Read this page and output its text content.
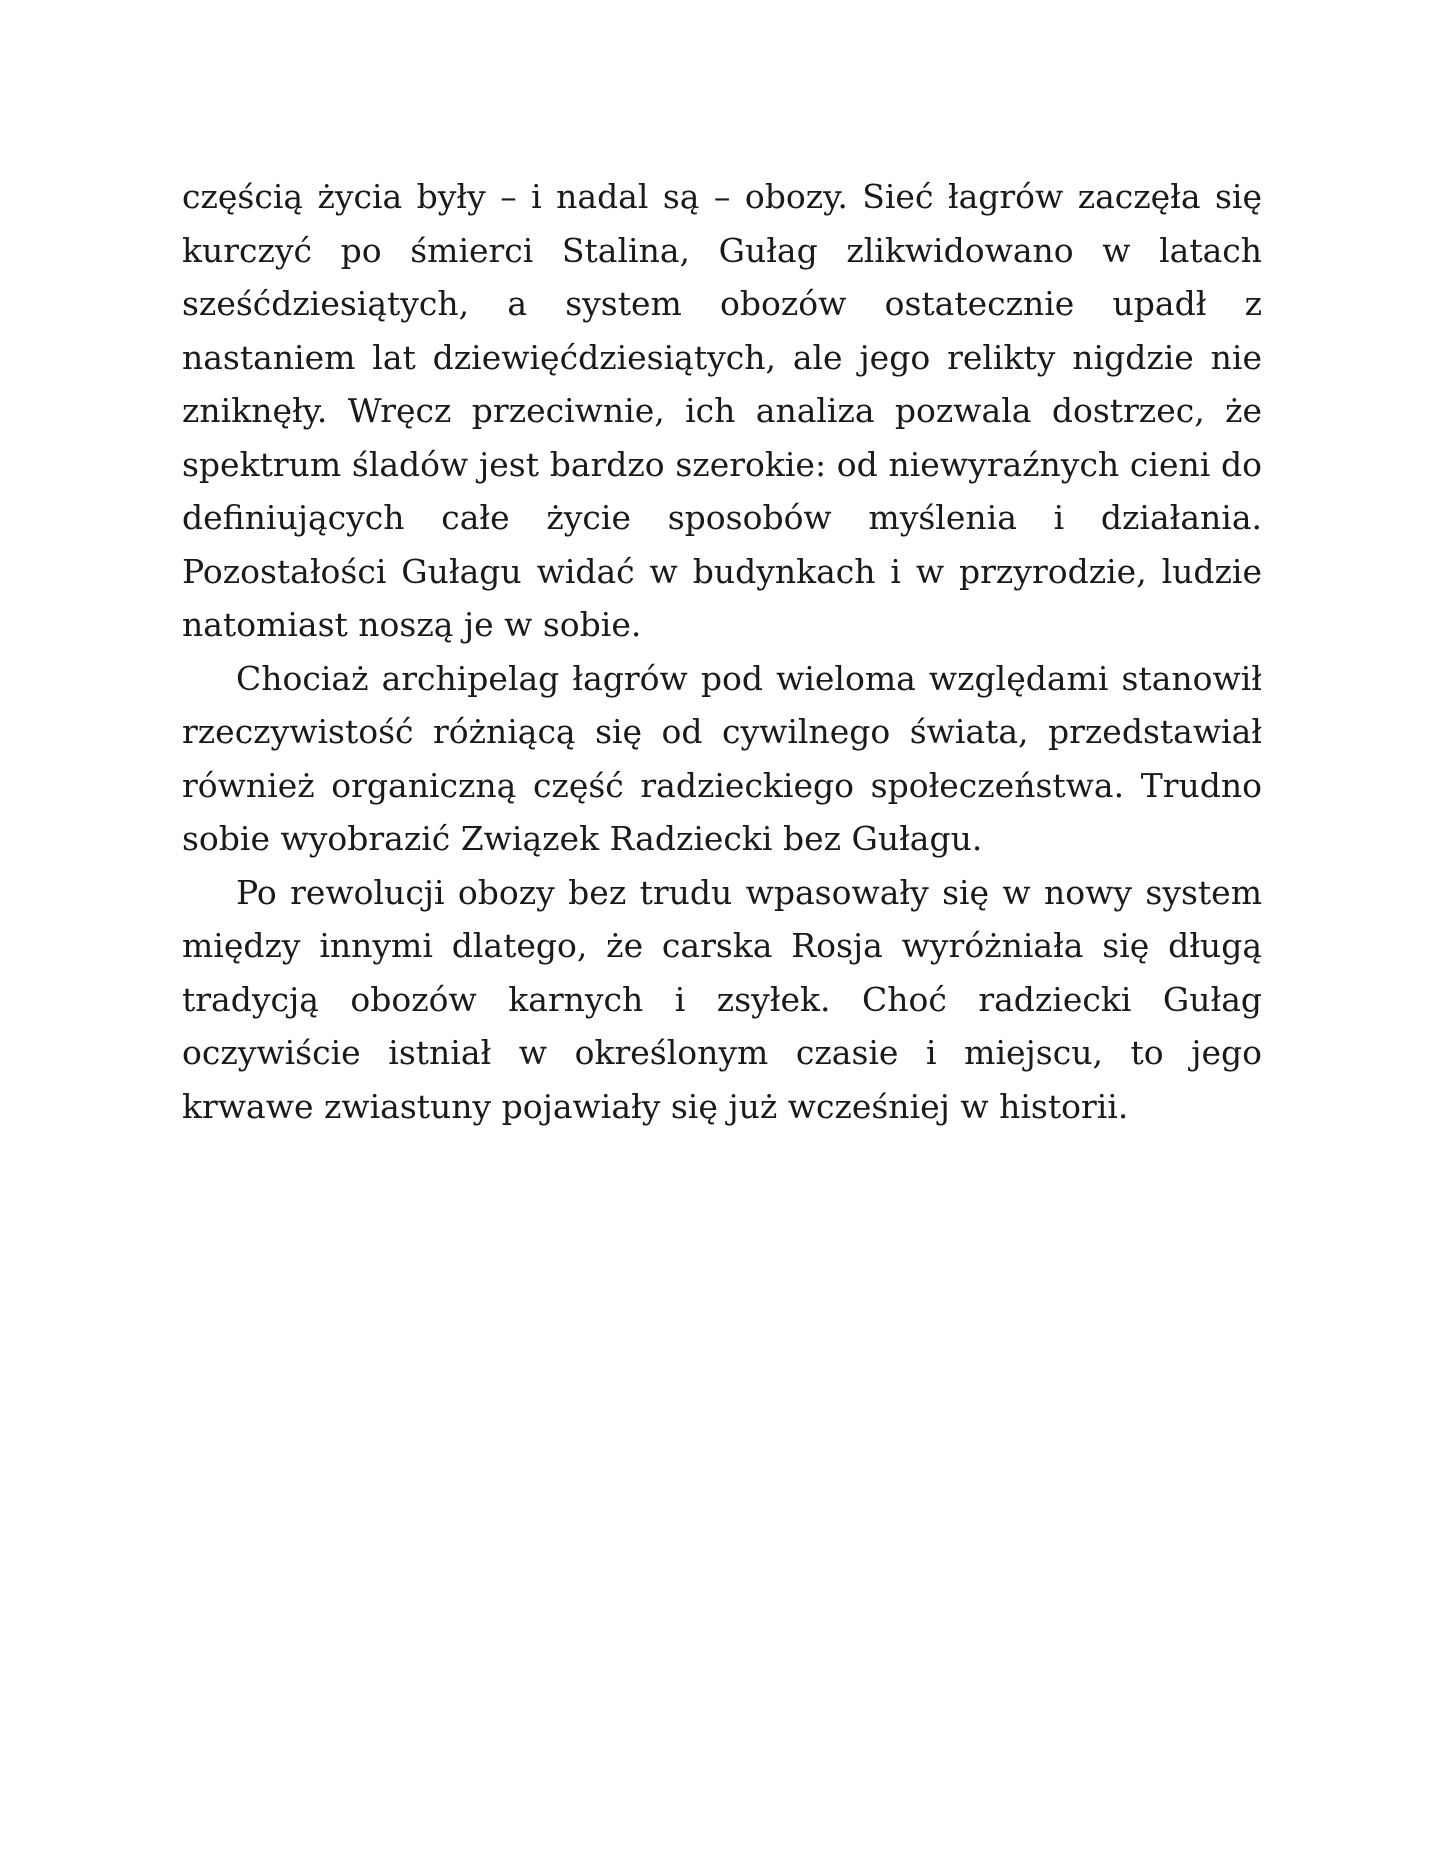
częścią życia były – i nadal są – obozy. Sieć łagrów zaczęła się kurczyć po śmierci Stalina, Gułag zlikwidowano w latach sześćdziesiątych, a system obozów ostatecznie upadł z nastaniem lat dziewięćdziesiątych, ale jego relikty nigdzie nie zniknęły. Wręcz przeciwnie, ich analiza pozwala dostrzec, że spektrum śladów jest bardzo szerokie: od niewyraźnych cieni do definiujących całe życie sposobów myślenia i działania. Pozostałości Gułagu widać w budynkach i w przyrodzie, ludzie natomiast noszą je w sobie.

Chociaż archipelag łagrów pod wieloma względami stanowił rzeczywistość różniącą się od cywilnego świata, przedstawiał również organiczną część radzieckiego społeczeństwa. Trudno sobie wyobrazić Związek Radziecki bez Gułagu.

Po rewolucji obozy bez trudu wpasowały się w nowy system między innymi dlatego, że carska Rosja wyróżniała się długą tradycją obozów karnych i zsyłek. Choć radziecki Gułag oczywiście istniał w określonym czasie i miejscu, to jego krwawe zwiastuny pojawiały się już wcześniej w historii.
